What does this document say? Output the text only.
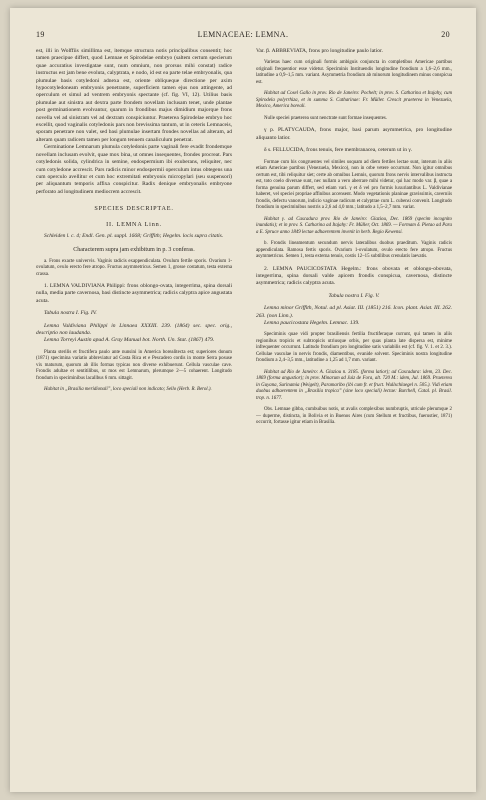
19	LEMNACEAE: LEMNA.	20

est, illi in Wolffiis simillima est, itemque structura notis principalibus consentit; hoc tamen praecipue differt, quod Lemnae et Spirodelae embryo (saltem certum specierum quae accuratius investigatae sunt, num omnium, non prorsus mihi constat) radice instructus est jam bene evoluta, calyptrata, e nodo, id est ea parte telae embryonalis, qua plumulae basis cotyledoni adnexa est, oriente obliqueque directione per axim hypocotyledoneam embryonis penetrante, superficiem tamen ejus non attingente, ad operculum et simul ad ventrem embryonis spectante (cf. fig. VI, 12). Utilius basis plumulae aut sinistra aut dextra parte frondem novellam inclusam tenet, unde plantae post germinationem evolvantur, quarum in frondibus majus dimidium majorque frons novella vel ad sinistram vel ad dextram conspiciuntur. Praeterea Spirodelae embryo hoc excellit, quod vaginalis cotyledonis pars non brevissima tantum, ut in ceteris Lemnaceis, sporam penetrare non valet, sed basi plumulae insertam frondes novellas ad alteram, ad alteram quam radicem tamen per longum tenuem canaliculum penetrat.

Germinatione Lemnarum plumula cotyledonis parte vaginali fere evadit frondemque novellam inclusam evolvit, quae mox bina, ut omnes insequentes, frondes procreat. Pars cotyledonis solida, cylindrica in semine, endospermium ibi exuberans, reliquiter, nec cum cotyledone accrescit. Pars radicis minor endospermii operculum intus obtegens una cum operculo avellitur et cum hoc extremitati embryonis micropylari (seu suspensori) per aliquantum temporis affixa conspicitur. Radix denique embryonalis embryone perforato ad longitudinem mediocrem accrescit.

SPECIES DESCRIPTAE.

II. LEMNA Linn.

Schleiden l. c. 4; Endl. Gen. pl. suppl. 1668; Griffith; Hegelm. locis supra citatis.

Characterem supra jam exhibitum in p. 3 conferas.

a. Frons exacte univervis. Vaginis radicis exappendiculata. Ovulum fertile sporis. Ovarium 1-ovulatum, ovulo erecto fere atropo. Fructus asymmetricus. Semen 1, grosse costatum, testa externa crassa.

1. LEMNA VALDIVIANA Philippi: frons oblongo-ovata, integerrima, spina dorsali nulla, media parte cavernosa, basi distincte asymmetrica; radicis calyptra apice angustata acuta.

Tabula nostra I. Fig. IV.

Lemna Valdiviana Philippi in Linnaea XXXIII. 239. (1864) sec. spec. orig., descriptio non laudanda.

Lemna Torreyi Austin apud A. Gray Manual bot. North. Un. Stat. (1867) 479.

Planta sterilis et fructifera paulo ante nunsini in America borealitecta est; superiores donum (1871) specimina variatio abbreviatur ad Costa Rica et e Pescadero cordis in monte Serra posuse vix maturum, quorum ab illis formas typicas non diverse exhibuerunt. Cellula vasculae cave. Frondis adultae et sentitilibus, ut mos est Lemnarum, plerumque 2—5 cohaerent. Longitudo frondum in speciminibus lacallbus 6 mm. sittagit.

Habitat in „Brasilia meridionali”, loco speciali non indicato; Sello (Herb. R. Berol.).

Var. β. ABBREVIATA, frons pro longitudine paulo latior.

Varietas haec cum originali formis ambiguis conjuncta in completibus Americae partibus originali frequentior esse videtur. Speciminis Instituendis longitudine frondium a 1,6–2,6 mm., latitudine a 0,9–1,5 mm. variant. Asymmetria frondium ab minorum longitudinem minus conspicua est.

Habitat ad Cosel Gallo in prov. Rio de Janeiro: Pochelt; in prov. S. Catharina et Itajahy, cum Spirodela polyrrhiza, et in summa S. Catharinae: Fr. Müller. Crescit praeterea in Venezuela, Mexico, America boreali.

Nulle speciei praeterea sunt nenctrate sunt formae insequentes.

γ p. PLATYCAUDA, frons major, basi parum asymmetrica, pro longitudine aliquanto latior.

δ s. FELLUCIDA, frons tenuis, fere membranacea, ceterum ut in γ.

Formae cum his congruentes vel similes usquam ad diem fertiles lectae sunt, interum in aliis etiam Americae partibus (Venezuela, Mexico), non in orbe vetere occurrunt. Non igitur omnibus certum est, tibi reliquitur siet; certe ab omnibus Lemnis, quorum frons nervis intervalibus instructa est, toto coelo diversae sunt, nec nullam a vero aberrare mihi videtur, qui hac modo var. β, quae a forma genuina parum differt, sed etiam vari. γ et δ vel pro formis luxuriantibus L. Valdivianae haberet, vel speciei propriae affinibus accensent. Modo vegetationis planinae gravissimis, caverniis frondis, defectu vanorum, indicio vaginae radicum et calyptrae cum L. cubensi convenit. Longitudo frondium in speciminibus nostris a 2,6 ad 4,0 mm.; latitudo a 1,5–2,7 mm. variat.

Habitat γ. ad Cascadura prov. Rio de Janeiro: Glaziou, Dec. 1869 (specim incognito inundatis); et in prov. S. Catharina ad Itajahy: Fr. Müller, Oct. 1869. — Formam δ. Pietao ad Para a E. Spruce anno 1849 lectae adhaerentem invenit in herb. Regio Kewensi.

b. Frondis lineamentum secundum nervis lateralibus duobus praeditum. Vaginis radicis appendiculata. Ramosa fertis sporis. Ovarium 1-ovulatum, ovulo erecto fere atropo. Fructus asymmetricus. Semen 1, testa externa tenuis, costis 12–15 subtilibus crenulatis laevatis.

2. LEMNA PAUCICOSTATA Hegelm.: frons obovata et oblongo-obovata, integerrima, spina dorsali valde apicem frondis conspicua, cavernosa, distincte asymmetrica; radicis calyptra acuta.

Tabula nostra I. Fig. V.

Lemna minor Griffith, Notul. ad pl. Asiat. III. (1851) 216. Icon. plant. Asiat. III. 262. 263. (non Linn.).

Lemna paucicostata Hegelm. Lemnac. 139.

Speciminis quae vidi propter brasiliensis fertilia fructiferaque currunt, qui tamen in aliis regionibus tropicis et subtropicis utriusque orbis, per quas planta late dispersa est, minime infrequenter occurrunt. Latitudo frondium pro longitudine satis variabilis est (cf. fig. V. 1. et 2. 3.). Cellulae vasculae in nervis frondis, diamentibus, evanide solvent. Speciminis nostra longitudine frondium a 2,4–3,5 mm., latitudine a 1,25 ad 1,7 mm. variant.

Habitat ad Rio de Janeiro: A. Glaziou n. 3185. (forma latior); ad Cascadura: idem, 23. Dec. 1869 (forma angustior); in prov. Minarum ad Juiz de Fora, alt. 720 M.: idem, Jul. 1869. Praeterea in Guyana, Surinamia (Weigelt), Paramaribo (ibi cum fr. et fruct. Wullschlaegel n. 505.). Vidi etiam duobus adhaerentem in „Brasilia tropica” (sine loco speciali) lectae: Burchell, Catal. pl. Brasil. trop. n. 1677.

Obs. Lemnae gibba, cumbuibus notis, ut avalis complexibus numbruptis, utricule plerumque 2— duperme, distincta, in Bolivia et in Buenos Aires (cum Stellum et fructibus, fuerustier, 1871) occurrit, fortasse igitur etiam in Brasilia.
